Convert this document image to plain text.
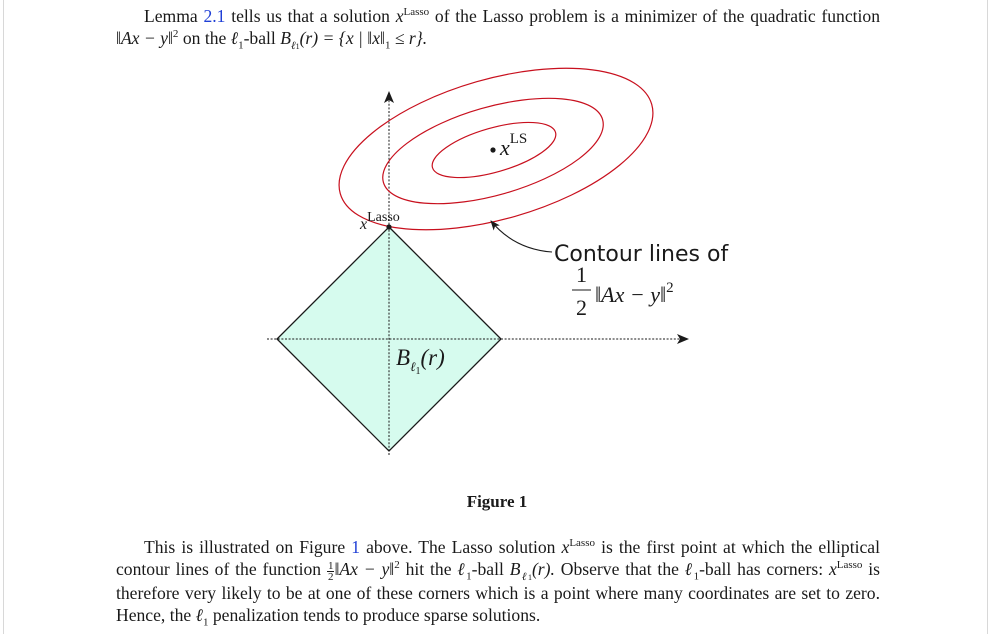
Lemma 2.1 tells us that a solution $x^{Lasso}$ of the Lasso problem is a minimizer of the quadratic function ‖Ax − y‖$^2$ on the ℓ$_1$-ball $B_{\ell 1}(r) = \{x$ | $‖x‖_1 \le r$}.

$x^{LS}$
xLasso
Contour lines of
1
2
‖Ax − y‖$^2$
$B_\ell 1(r)$
Figure 1

This is illustrated on Figure 1 above. The Lasso solution $x^{Lasso}$ is the first point at which the elliptical contour lines of the function $\frac{1}{2}$ ‖Ax − y‖$^2$ hit the ℓ$_1$-ball $B_{\ell 1}(r)$. Observe that the ℓ$_1$-ball has corners: $x^{Lasso}$ is therefore very likely to be at one of these corners which is a point where many coordinates are set to zero. Hence, the ℓ$_1$ penalization tends to produce sparse solutions.
